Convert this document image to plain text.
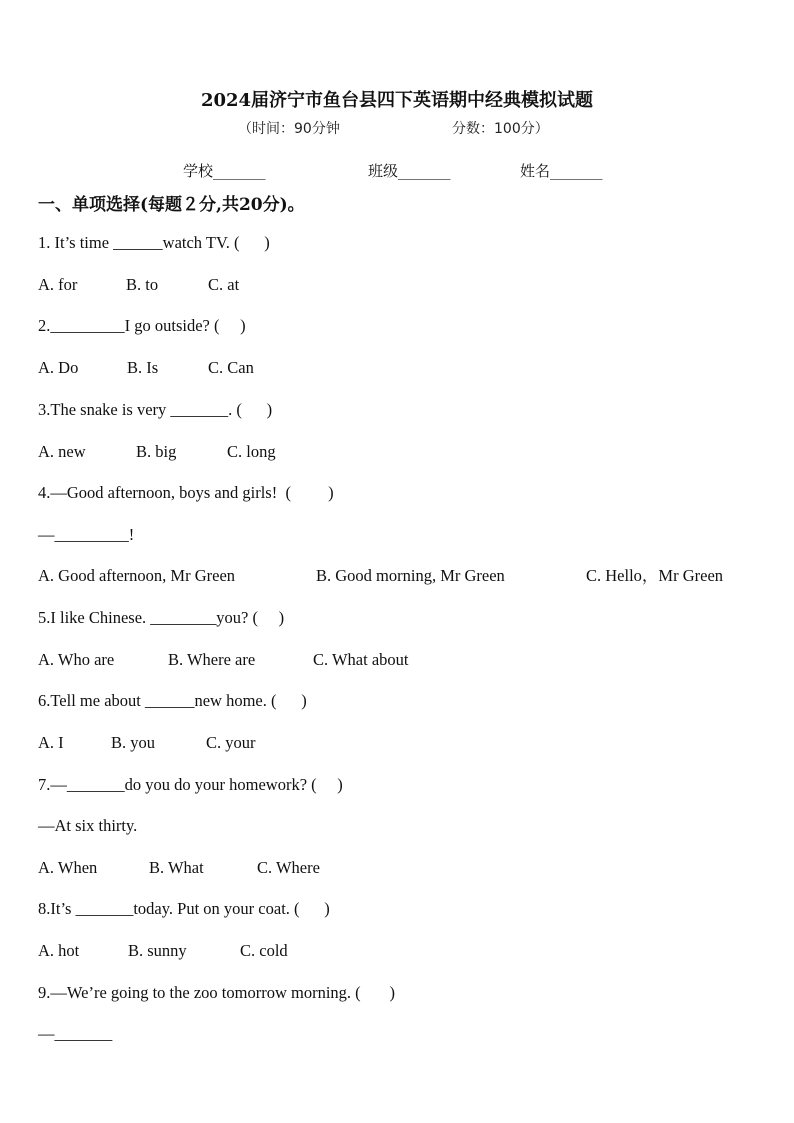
2024届济宁市鱼台县四下英语期中经典模拟试题
（时间：90分钟	分数：100分）
学校_______	班级_______	姓名_______
一、单项选择(每题２分,共20分)。
1. It’s time ______watch TV. (      )
A. for	B. to	C. at
2._________I go outside? (     )
A. Do	B. Is	C. Can
3.The snake is very _______. (      )
A. new	B. big	C. long
4.—Good afternoon, boys and girls!  (         )
—_________!
A. Good afternoon, Mr Green	B. Good morning, Mr Green	C. Hello，Mr Green
5.I like Chinese. ________you? (     )
A. Who are	B. Where are	C. What about
6.Tell me about ______new home. (      )
A. I	B. you	C. your
7.—_______do you do your homework? (     )
—At six thirty.
A. When	B. What	C. Where
8.It’s _______today. Put on your coat. (      )
A. hot	B. sunny	C. cold
9.—We’re going to the zoo tomorrow morning. (       )
—_______
